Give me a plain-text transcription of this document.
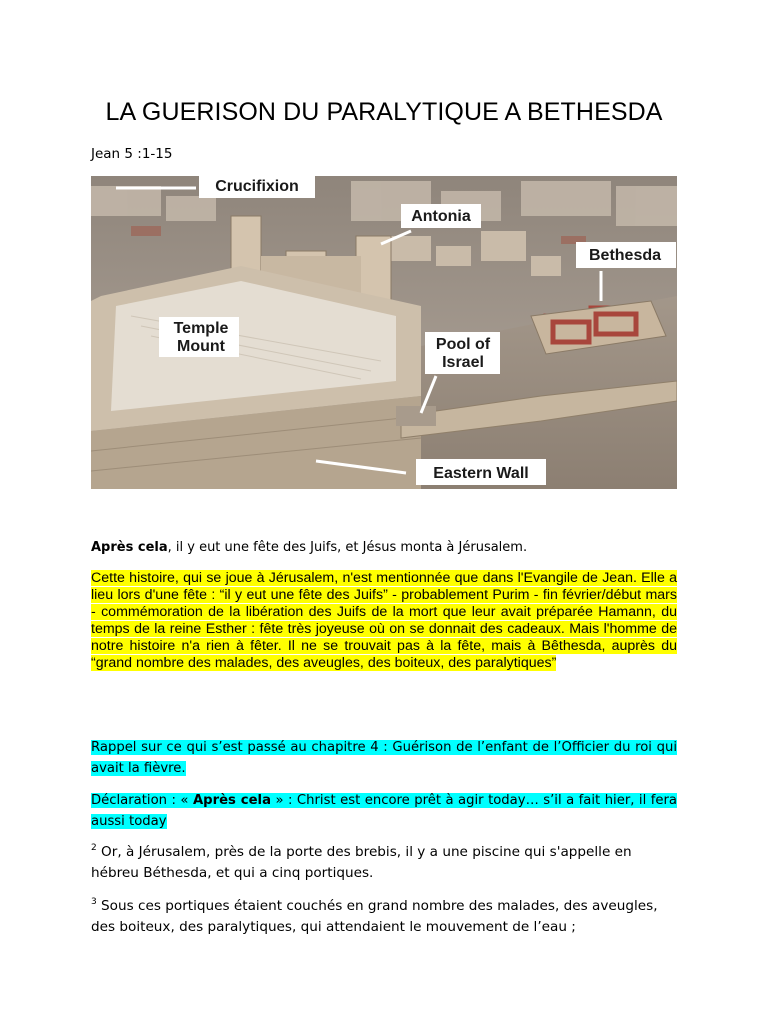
LA GUERISON DU PARALYTIQUE A BETHESDA
Jean 5 :1-15
Crucifixion
Antonia
Bethesda
Temple
Mount	Pool of
Israel
Eastern Wall

Après cela, il y eut une fête des Juifs, et Jésus monta à Jérusalem.

Cette histoire, qui se joue à Jérusalem, n'est mentionnée que dans l'Evangile de Jean. Elle a lieu lors d'une fête : “il y eut une fête des Juifs” - probablement Purim - fin février/début mars - commémoration de la libération des Juifs de la mort que leur avait préparée Hamann, du temps de la reine Esther : fête très joyeuse où on se donnait des cadeaux. Mais l'homme de notre histoire n'a rien à fêter. Il ne se trouvait pas à la fête, mais à Bêthesda, auprès du “grand nombre des malades, des aveugles, des boiteux, des paralytiques”

Rappel sur ce qui s’est passé au chapitre 4 : Guérison de l’enfant de l’Officier du roi qui avait la fièvre.

Déclaration : « Après cela » : Christ est encore prêt à agir today… s’il a fait hier, il fera aussi today

$^2$ Or, à Jérusalem, près de la porte des brebis, il y a une piscine qui s'appelle en hébreu Béthesda, et qui a cinq portiques.

$^3$ Sous ces portiques étaient couchés en grand nombre des malades, des aveugles, des boiteux, des paralytiques, qui attendaient le mouvement de l’eau ;
